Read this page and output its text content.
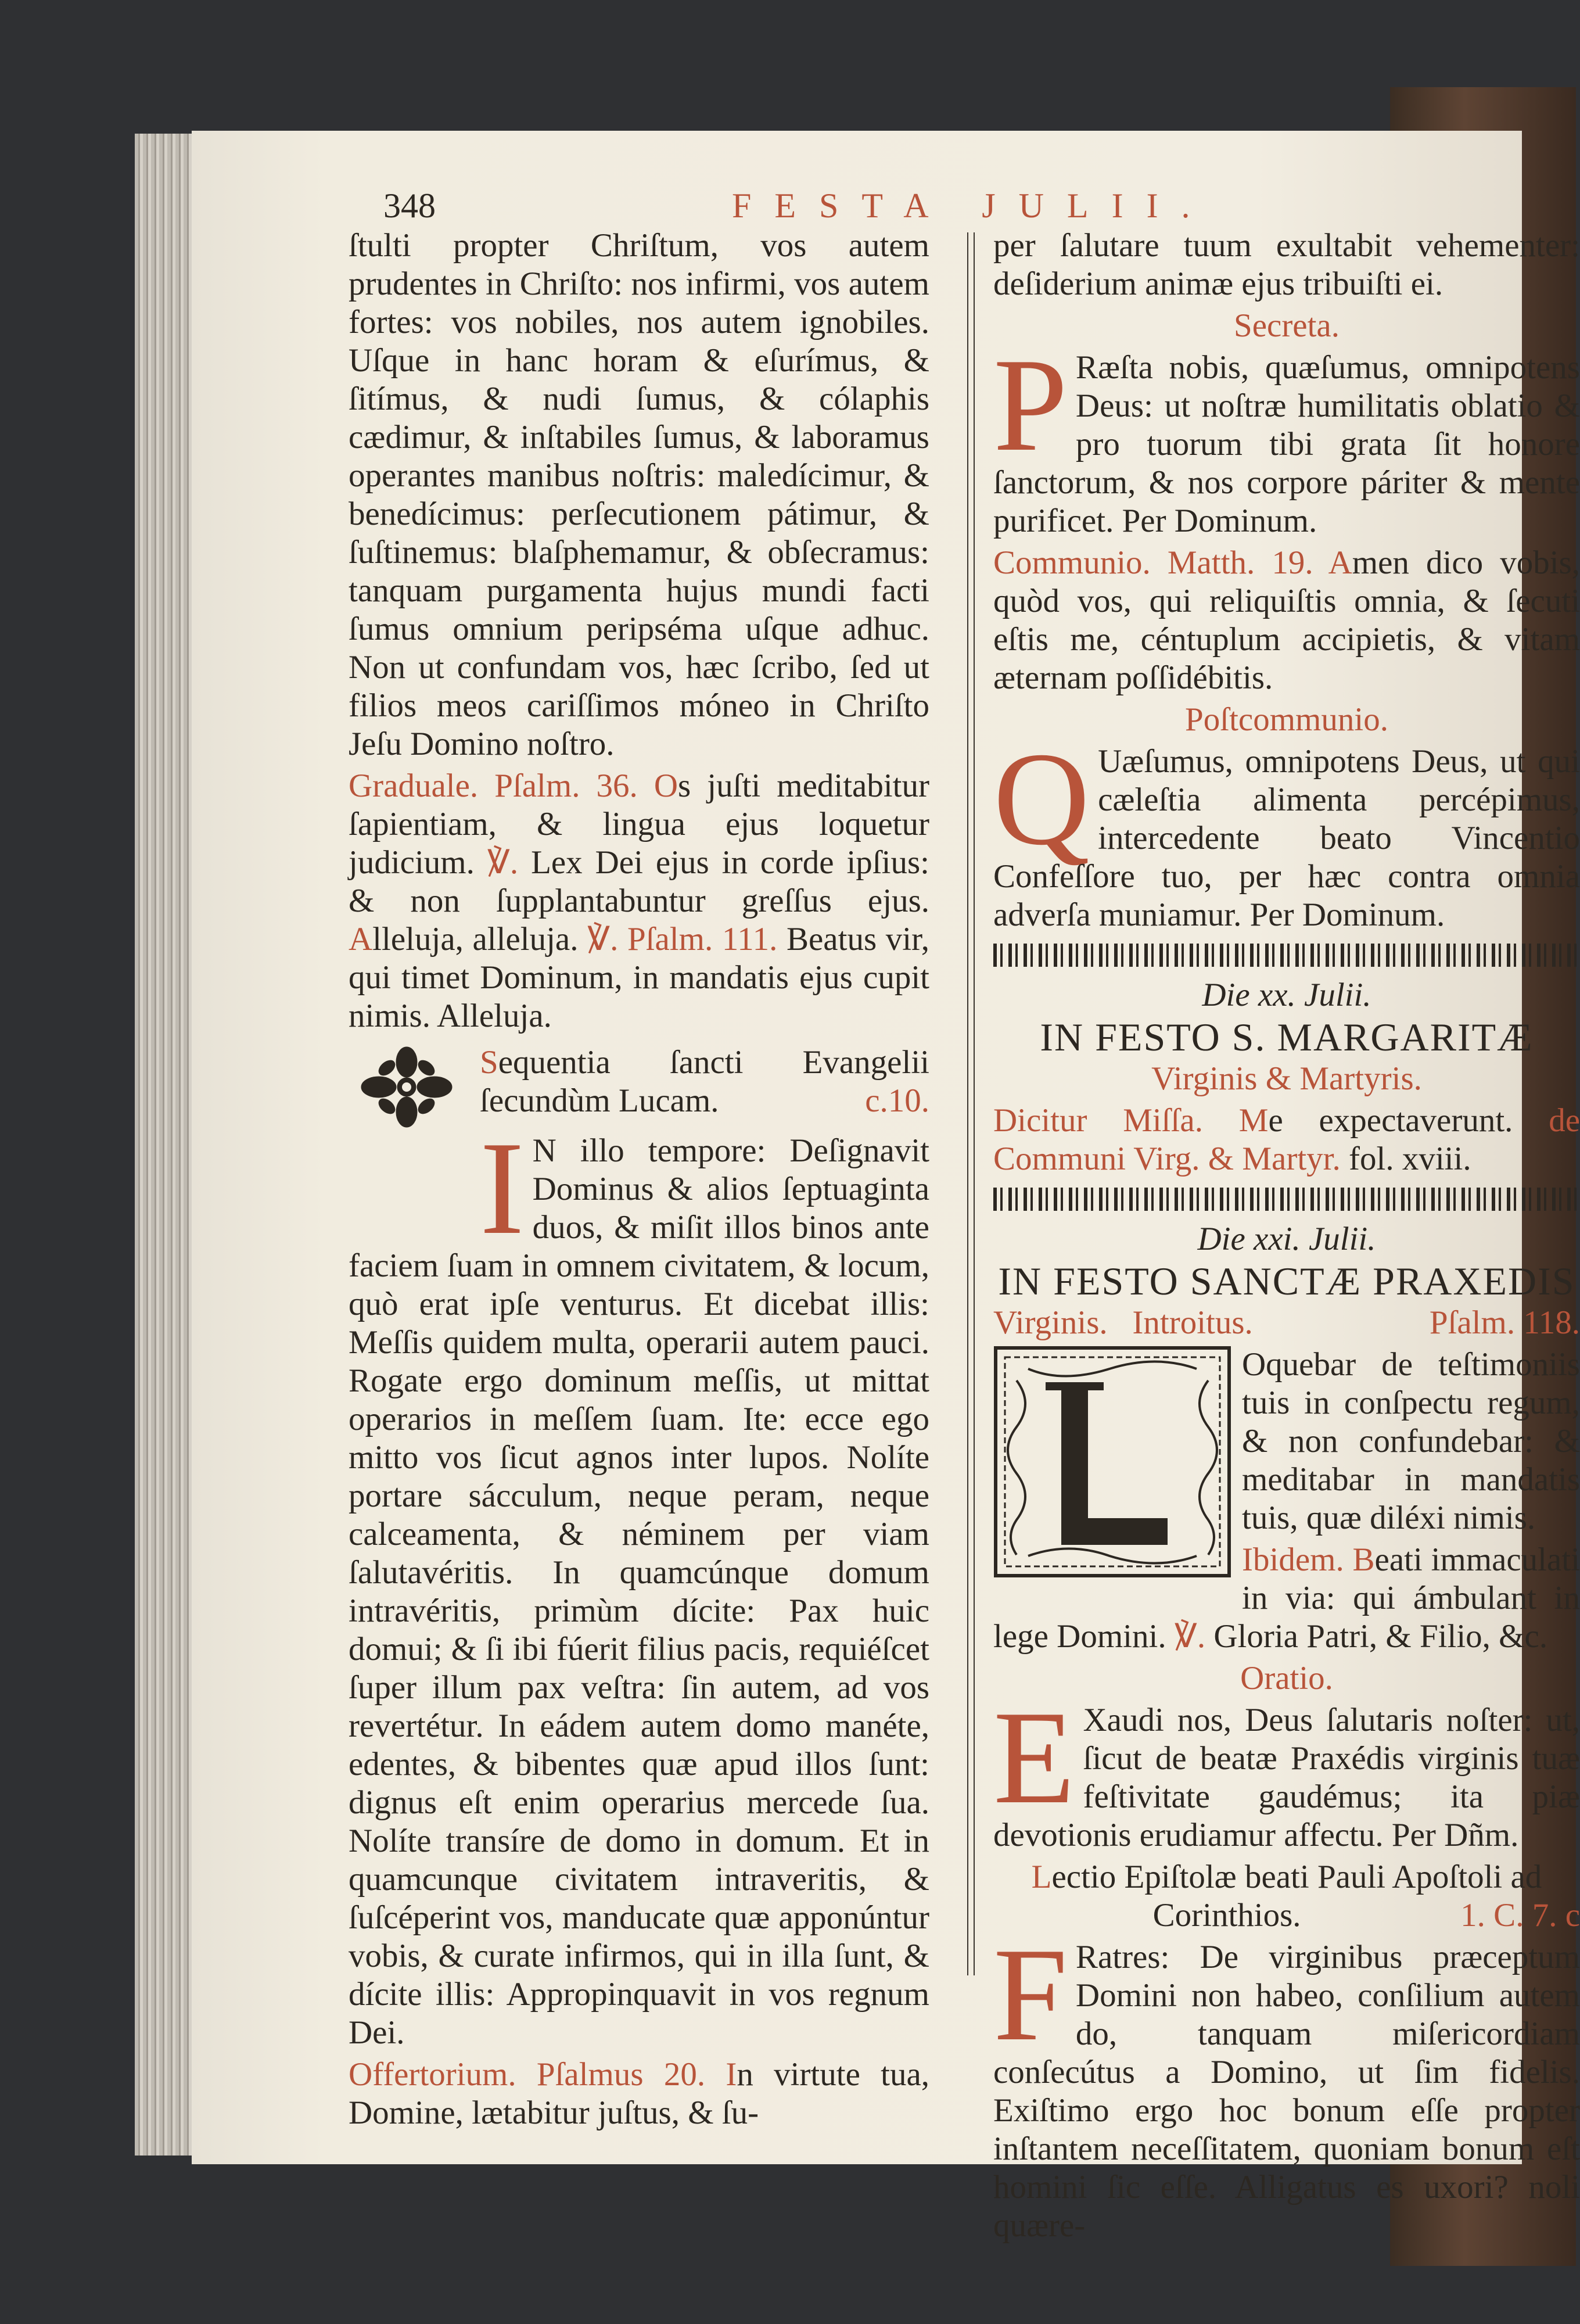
348	FESTA JULII.

ſtulti propter Chriſtum, vos autem prudentes in Chriſto: nos infirmi, vos autem fortes: vos nobiles, nos autem ignobiles. Uſque in hanc horam & eſurímus, & ſitímus, & nudi ſumus, & cólaphis cædimur, & inſtabiles ſumus, & laboramus operantes manibus noſtris: maledícimur, & benedícimus: perſecutionem pátimur, & ſuſtinemus: blaſphemamur, & obſecramus: tanquam purgamenta hujus mundi facti ſumus omnium peripséma uſque adhuc. Non ut confundam vos, hæc ſcribo, ſed ut filios meos cariſſimos móneo in Chriſto Jeſu Domino noſtro.

Graduale. Pſalm. 36. Os juſti meditabitur ſapientiam, & lingua ejus loquetur judicium. ℣. Lex Dei ejus in corde ipſius: & non ſupplantabuntur greſſus ejus. Alleluja, alleluja. ℣. Pſalm. 111. Beatus vir, qui timet Dominum, in mandatis ejus cupit nimis. Alleluja.

Sequentia ſancti Evangelii ſecundùm Lucam.	c.10.

I N illo tempore: Deſignavit Dominus & alios ſeptuaginta duos, & miſit illos binos ante faciem ſuam in omnem civitatem, & locum, quò erat ipſe venturus. Et dicebat illis: Meſſis quidem multa, operarii autem pauci. Rogate ergo dominum meſſis, ut mittat operarios in meſſem ſuam. Ite: ecce ego mitto vos ſicut agnos inter lupos. Nolíte portare sácculum, neque peram, neque calceamenta, & néminem per viam ſalutavéritis. In quamcúnque domum intravéritis, primùm dícite: Pax huic domui; & ſi ibi fúerit filius pacis, requiéſcet ſuper illum pax veſtra: ſin autem, ad vos revertétur. In eádem autem domo manéte, edentes, & bibentes quæ apud illos ſunt: dignus eſt enim operarius mercede ſua. Nolíte transíre de domo in domum. Et in quamcunque civitatem intraveritis, & ſuſcéperint vos, manducate quæ apponúntur vobis, & curate infirmos, qui in illa ſunt, & dícite illis: Appropinquavit in vos regnum Dei.

Offertorium. Pſalmus 20. In virtute tua, Domine, lætabitur juſtus, & ſu-

per ſalutare tuum exultabit vehementer: deſiderium animæ ejus tribuiſti ei.

Secreta.

P Ræſta nobis, quæſumus, omnipotens Deus: ut noſtræ humilitatis oblatio & pro tuorum tibi grata ſit honore ſanctorum, & nos corpore páriter & mente purificet. Per Dominum.

Communio. Matth. 19. Amen dico vobis, quòd vos, qui reliquiſtis omnia, & ſecuti eſtis me, céntuplum accipietis, & vitam æternam poſſidébitis.

Poſtcommunio.

Q Uæſumus, omnipotens Deus, ut qui cæleſtia alimenta percépimus, intercedente beato Vincentio Confeſſore tuo, per hæc contra omnia adverſa muniamur. Per Dominum.

Die xx. Julii.

IN FESTO S. MARGARITÆ

Virginis & Martyris.

Dicitur Miſſa. Me expectaverunt. de Communi Virg. & Martyr. fol. xviii.

Die xxi. Julii.

IN FESTO SANCTÆ PRAXEDIS

Virginis. Introitus.	Pſalm. 118.

Oquebar de teſtimoniis tuis in conſpectu regum, & non confundebar: & meditabar in mandatis tuis, quæ diléxi nimis.

Ibidem. Beati immaculati in via: qui ámbulant in lege Domini. ℣. Gloria Patri, & Filio, &c.

Oratio.

E Xaudi nos, Deus ſalutaris noſter: ut, ſicut de beatæ Praxédis virginis tuæ feſtivitate gaudémus; ita piæ devotionis erudiamur affectu. Per Dñm.

Lectio Epiſtolæ beati Pauli Apoſtoli ad Corinthios.	1. C. 7. c

F Ratres: De virginibus præceptum Domini non habeo, conſilium autem do, tanquam miſericordiam conſecútus a Domino, ut ſim fidelis. Exiſtimo ergo hoc bonum eſſe propter inſtantem neceſſitatem, quoniam bonum eſt homini ſic eſſe. Alligatus es uxori? noli quære-
